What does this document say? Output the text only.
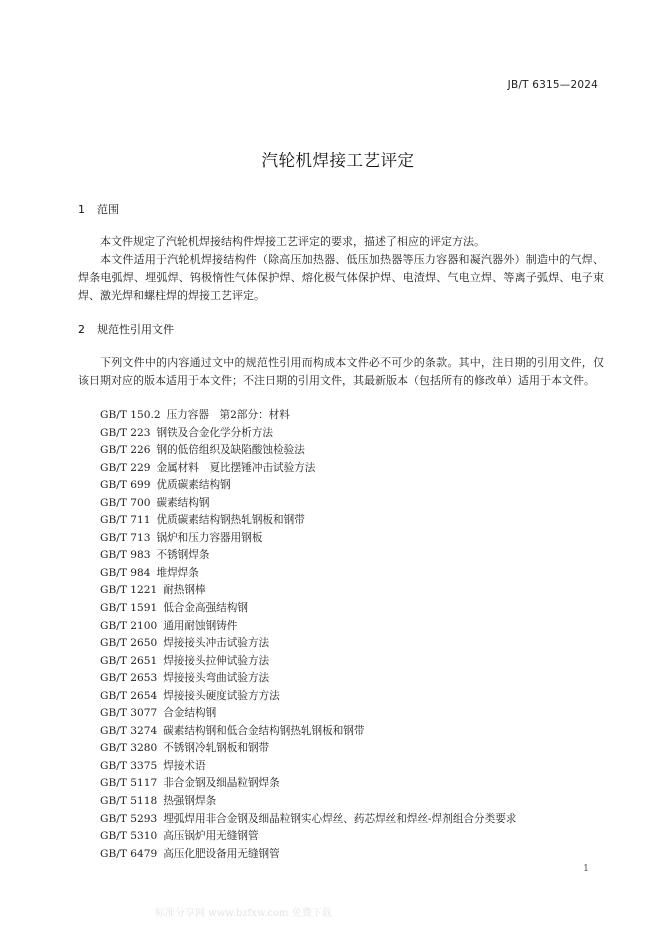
JB/T 6315—2024
汽轮机焊接工艺评定
1 范围

本文件规定了汽轮机焊接结构件焊接工艺评定的要求，描述了相应的评定方法。

本文件适用于汽轮机焊接结构件（除高压加热器、低压加热器等压力容器和凝汽器外）制造中的气焊、焊条电弧焊、埋弧焊、钨极惰性气体保护焊、熔化极气体保护焊、电渣焊、气电立焊、等离子弧焊、电子束焊、激光焊和螺柱焊的焊接工艺评定。

2 规范性引用文件

下列文件中的内容通过文中的规范性引用而构成本文件必不可少的条款。其中，注日期的引用文件，仅该日期对应的版本适用于本文件；不注日期的引用文件，其最新版本（包括所有的修改单）适用于本文件。

GB/T 150.2 压力容器　第2部分：材料
GB/T 223 钢铁及合金化学分析方法
GB/T 226 钢的低倍组织及缺陷酸蚀检验法
GB/T 229 金属材料　夏比摆锤冲击试验方法
GB/T 699 优质碳素结构钢
GB/T 700 碳素结构钢
GB/T 711 优质碳素结构钢热轧钢板和钢带
GB/T 713 锅炉和压力容器用钢板
GB/T 983 不锈钢焊条
GB/T 984 堆焊焊条
GB/T 1221 耐热钢棒
GB/T 1591 低合金高强结构钢
GB/T 2100 通用耐蚀钢铸件
GB/T 2650 焊接接头冲击试验方法
GB/T 2651 焊接接头拉伸试验方法
GB/T 2653 焊接接头弯曲试验方法
GB/T 2654 焊接接头硬度试验方方法
GB/T 3077 合金结构钢
GB/T 3274 碳素结构钢和低合金结构钢热轧钢板和钢带
GB/T 3280 不锈钢冷轧钢板和钢带
GB/T 3375 焊接术语
GB/T 5117 非合金钢及细晶粒钢焊条
GB/T 5118 热强钢焊条
GB/T 5293 埋弧焊用非合金钢及细晶粒钢实心焊丝、药芯焊丝和焊丝-焊剂组合分类要求
GB/T 5310 高压锅炉用无缝钢管
GB/T 6479 高压化肥设备用无缝钢管
1
标准分享网 www.bzfxw.com 免费下载
